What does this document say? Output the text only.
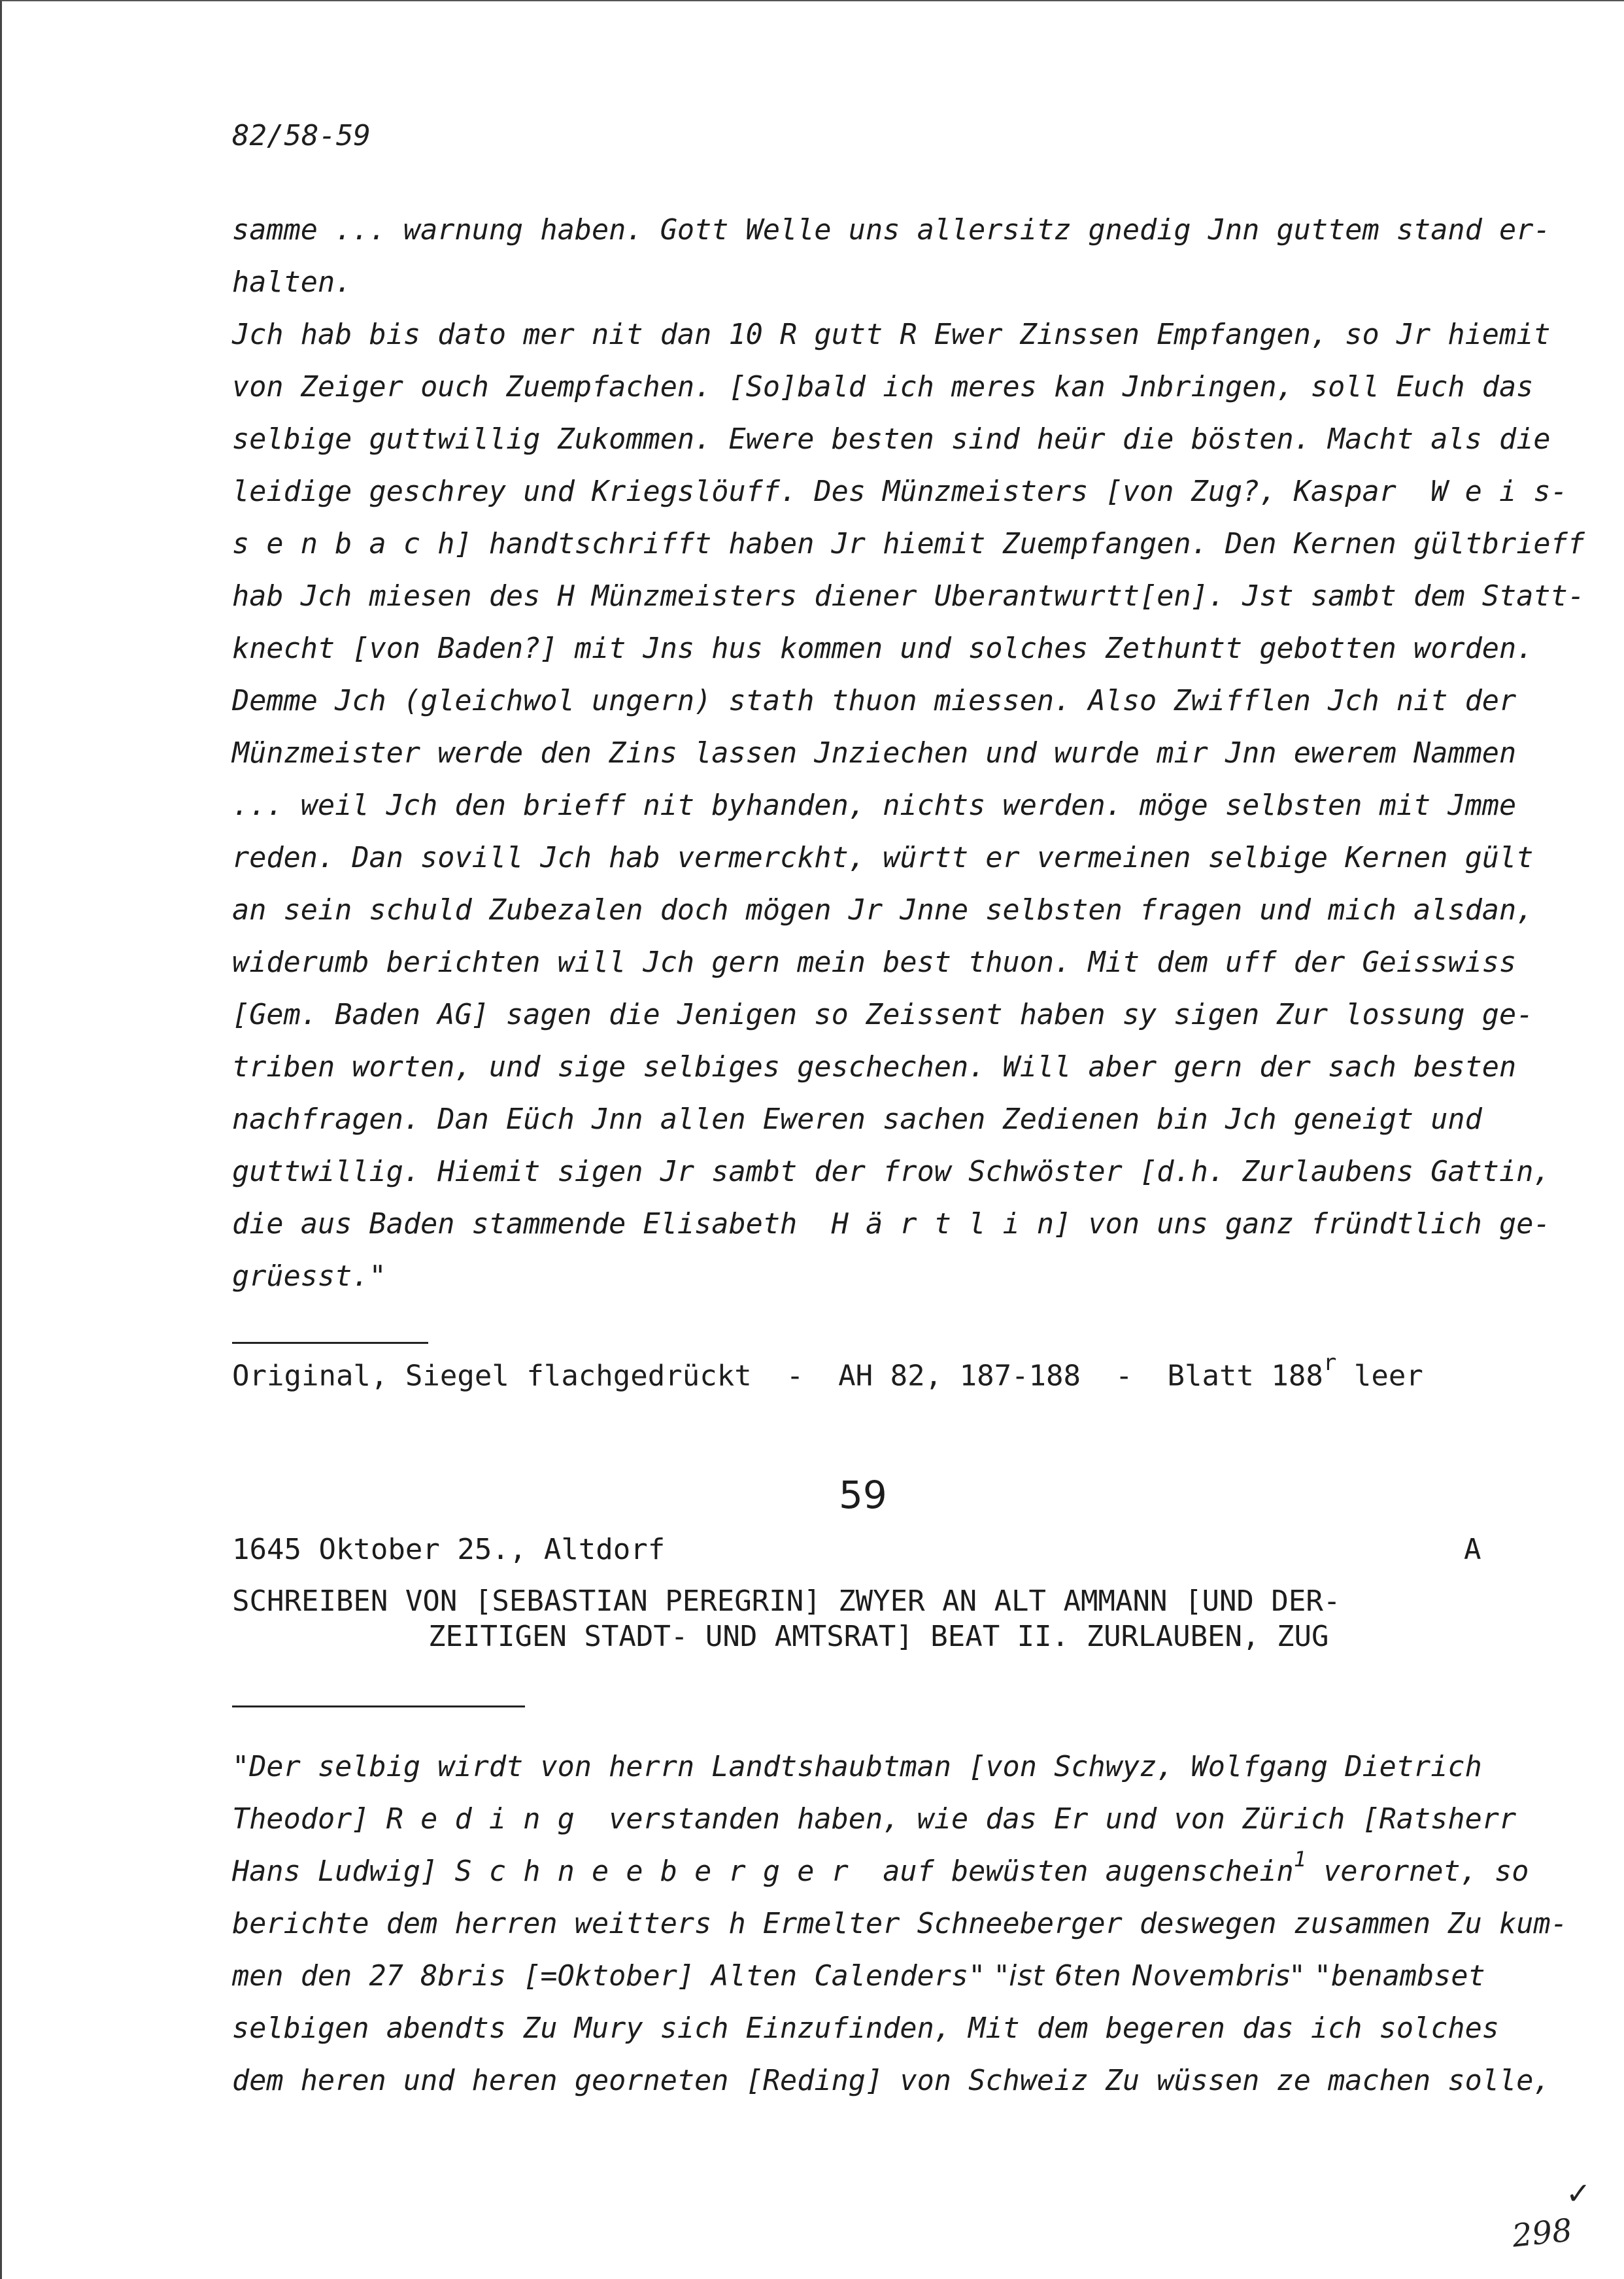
82/58-59
samme ... warnung haben. Gott Welle uns allersitz gnedig Jnn guttem stand er-
halten.
Jch hab bis dato mer nit dan 10 R gutt R Ewer Zinssen Empfangen, so Jr hiemit
von Zeiger ouch Zuempfachen. [So]bald ich meres kan Jnbringen, soll Euch das
selbige guttwillig Zukommen. Ewere besten sind heür die bösten. Macht als die
leidige geschrey und Kriegslöuff. Des Münzmeisters [von Zug?, Kaspar  W e i s-
s e n b a c h] handtschrifft haben Jr hiemit Zuempfangen. Den Kernen gültbrieff
hab Jch miesen des H Münzmeisters diener Uberantwurtt[en]. Jst sambt dem Statt-
knecht [von Baden?] mit Jns hus kommen und solches Zethuntt gebotten worden.
Demme Jch (gleichwol ungern) stath thuon miessen. Also Zwifflen Jch nit der
Münzmeister werde den Zins lassen Jnziechen und wurde mir Jnn ewerem Nammen
... weil Jch den brieff nit byhanden, nichts werden. möge selbsten mit Jmme
reden. Dan sovill Jch hab vermerckht, württ er vermeinen selbige Kernen gült
an sein schuld Zubezalen doch mögen Jr Jnne selbsten fragen und mich alsdan,
widerumb berichten will Jch gern mein best thuon. Mit dem uff der Geisswiss
[Gem. Baden AG] sagen die Jenigen so Zeissent haben sy sigen Zur lossung ge-
triben worten, und sige selbiges geschechen. Will aber gern der sach besten
nachfragen. Dan Eüch Jnn allen Eweren sachen Zedienen bin Jch geneigt und
guttwillig. Hiemit sigen Jr sambt der frow Schwöster [d.h. Zurlaubens Gattin,
die aus Baden stammende Elisabeth  H ä r t l i n] von uns ganz fründtlich ge-
grüesst."
Original, Siegel flachgedrückt  -  AH 82, 187-188  -  Blatt 188$^r$ leer
59
1645 Oktober 25., Altdorf	A
SCHREIBEN VON [SEBASTIAN PEREGRIN] ZWYER AN ALT AMMANN [UND DER-
ZEITIGEN STADT- UND AMTSRAT] BEAT II. ZURLAUBEN, ZUG
"Der selbig wirdt von herrn Landtshaubtman [von Schwyz, Wolfgang Dietrich
Theodor] R e d i n g  verstanden haben, wie das Er und von Zürich [Ratsherr
Hans Ludwig] S c h n e e b e r g e r  auf bewüsten augenschein$^1$ verornet, so
berichte dem herren weitters h Ermelter Schneeberger deswegen zusammen Zu kum-
men den 27 8bris [=Oktober] Alten Calenders" "ist 6ten Novembris" "benambset
selbigen abendts Zu Mury sich Einzufinden, Mit dem begeren das ich solches
dem heren und heren georneten [Reding] von Schweiz Zu wüssen ze machen solle,
✓
298
